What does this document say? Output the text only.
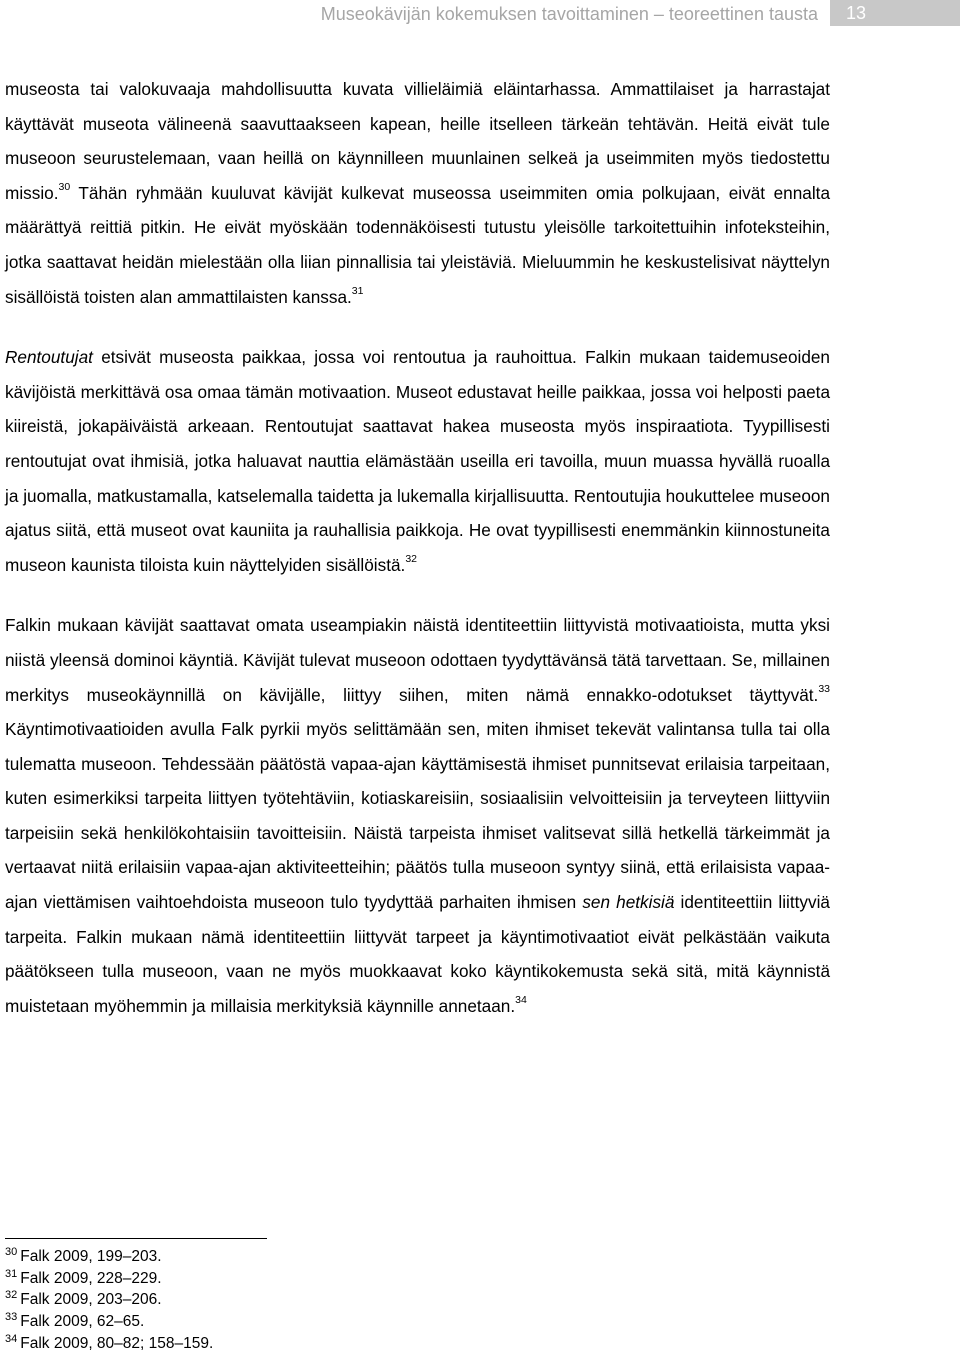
Museokävijän kokemuksen tavoittaminen – teoreettinen tausta 13

museosta tai valokuvaaja mahdollisuutta kuvata villieläimiä eläintarhassa. Ammattilaiset ja harrastajat käyttävät museota välineenä saavuttaakseen kapean, heille itselleen tärkeän tehtävän. Heitä eivät tule museoon seurustelemaan, vaan heillä on käynnilleen muunlainen selkeä ja useimmiten myös tiedostettu missio.$^{30}$ Tähän ryhmään kuuluvat kävijät kulkevat museossa useimmiten omia polkujaan, eivät ennalta määrättyä reittiä pitkin. He eivät myöskään todennäköisesti tutustu yleisölle tarkoitettuihin infoteksteihin, jotka saattavat heidän mielestään olla liian pinnallisia tai yleistäviä. Mieluummin he keskustelisivat näyttelyn sisällöistä toisten alan ammattilaisten kanssa.$^{31}$

Rentoutujat etsivät museosta paikkaa, jossa voi rentoutua ja rauhoittua. Falkin mukaan taidemuseoiden kävijöistä merkittävä osa omaa tämän motivaation. Museot edustavat heille paikkaa, jossa voi helposti paeta kiireistä, jokapäiväistä arkeaan. Rentoutujat saattavat hakea museosta myös inspiraatiota. Tyypillisesti rentoutujat ovat ihmisiä, jotka haluavat nauttia elämästään useilla eri tavoilla, muun muassa hyvällä ruoalla ja juomalla, matkustamalla, katselemalla taidetta ja lukemalla kirjallisuutta. Rentoutujia houkuttelee museoon ajatus siitä, että museot ovat kauniita ja rauhallisia paikkoja. He ovat tyypillisesti enemmänkin kiinnostuneita museon kaunista tiloista kuin näyttelyiden sisällöistä.$^{32}$

Falkin mukaan kävijät saattavat omata useampiakin näistä identiteettiin liittyvistä motivaatioista, mutta yksi niistä yleensä dominoi käyntiä. Kävijät tulevat museoon odottaen tyydyttävänsä tätä tarvettaan. Se, millainen merkitys museokäynnillä on kävijälle, liittyy siihen, miten nämä ennakko-odotukset täyttyvät.$^{33}$ Käyntimotivaatioiden avulla Falk pyrkii myös selittämään sen, miten ihmiset tekevät valintansa tulla tai olla tulematta museoon. Tehdessään päätöstä vapaa-ajan käyttämisestä ihmiset punnitsevat erilaisia tarpeitaan, kuten esimerkiksi tarpeita liittyen työtehtäviin, kotiaskareisiin, sosiaalisiin velvoitteisiin ja terveyteen liittyviin tarpeisiin sekä henkilökohtaisiin tavoitteisiin. Näistä tarpeista ihmiset valitsevat sillä hetkellä tärkeimmät ja vertaavat niitä erilaisiin vapaa-ajan aktiviteetteihin; päätös tulla museoon syntyy siinä, että erilaisista vapaa-ajan viettämisen vaihtoehdoista museoon tulo tyydyttää parhaiten ihmisen sen hetkisiä identiteettiin liittyviä tarpeita. Falkin mukaan nämä identiteettiin liittyvät tarpeet ja käyntimotivaatiot eivät pelkästään vaikuta päätökseen tulla museoon, vaan ne myös muokkaavat koko käyntikokemusta sekä sitä, mitä käynnistä muistetaan myöhemmin ja millaisia merkityksiä käynnille annetaan.$^{34}$

$^{30}$ Falk 2009, 199–203.
$^{31}$ Falk 2009, 228–229.
$^{32}$ Falk 2009, 203–206.
$^{33}$ Falk 2009, 62–65.
$^{34}$ Falk 2009, 80–82; 158–159.
